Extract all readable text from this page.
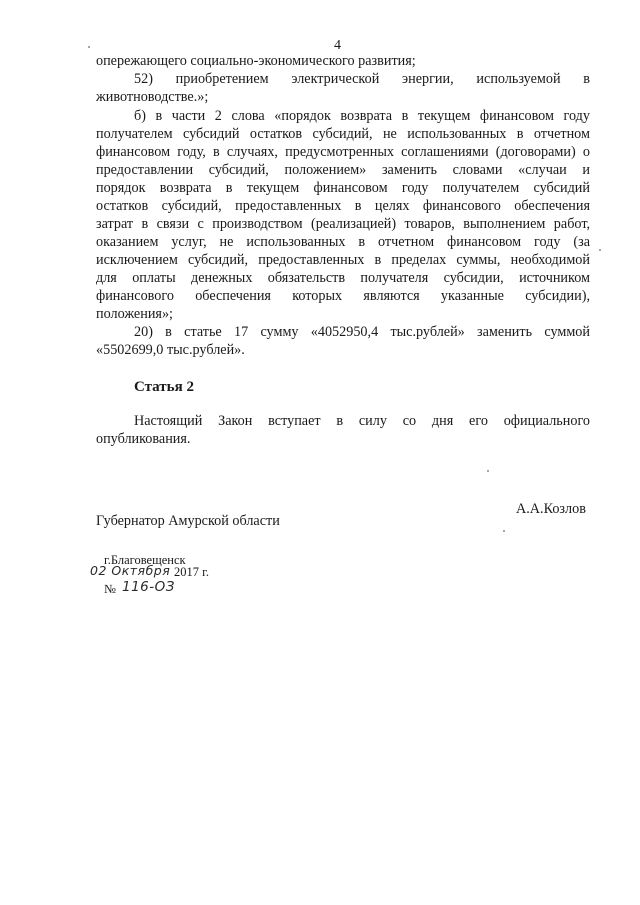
4
опережающего социально-экономического развития;
52) приобретением электрической энергии, используемой в
животноводстве.»;
б) в части 2 слова «порядок возврата в текущем финансовом году
получателем субсидий остатков субсидий, не использованных в отчетном
финансовом году, в случаях, предусмотренных соглашениями (договорами) о
предоставлении субсидий, положением» заменить словами «случаи и
порядок возврата в текущем финансовом году получателем субсидий
остатков субсидий, предоставленных в целях финансового обеспечения
затрат в связи с производством (реализацией) товаров, выполнением работ,
оказанием услуг, не использованных в отчетном финансовом году (за
исключением субсидий, предоставленных в пределах суммы, необходимой
для оплаты денежных обязательств получателя субсидии, источником
финансового обеспечения которых являются указанные субсидии),
положения»;
20) в статье 17 сумму «4052950,4 тыс.рублей» заменить суммой
«5502699,0 тыс.рублей».
Статья 2
Настоящий Закон вступает в силу со дня его официального
опубликования.
А.А.Козлов
Губернатор Амурской области
г.Благовещенск
02 Октября 2017 г.
№ 116-ОЗ
